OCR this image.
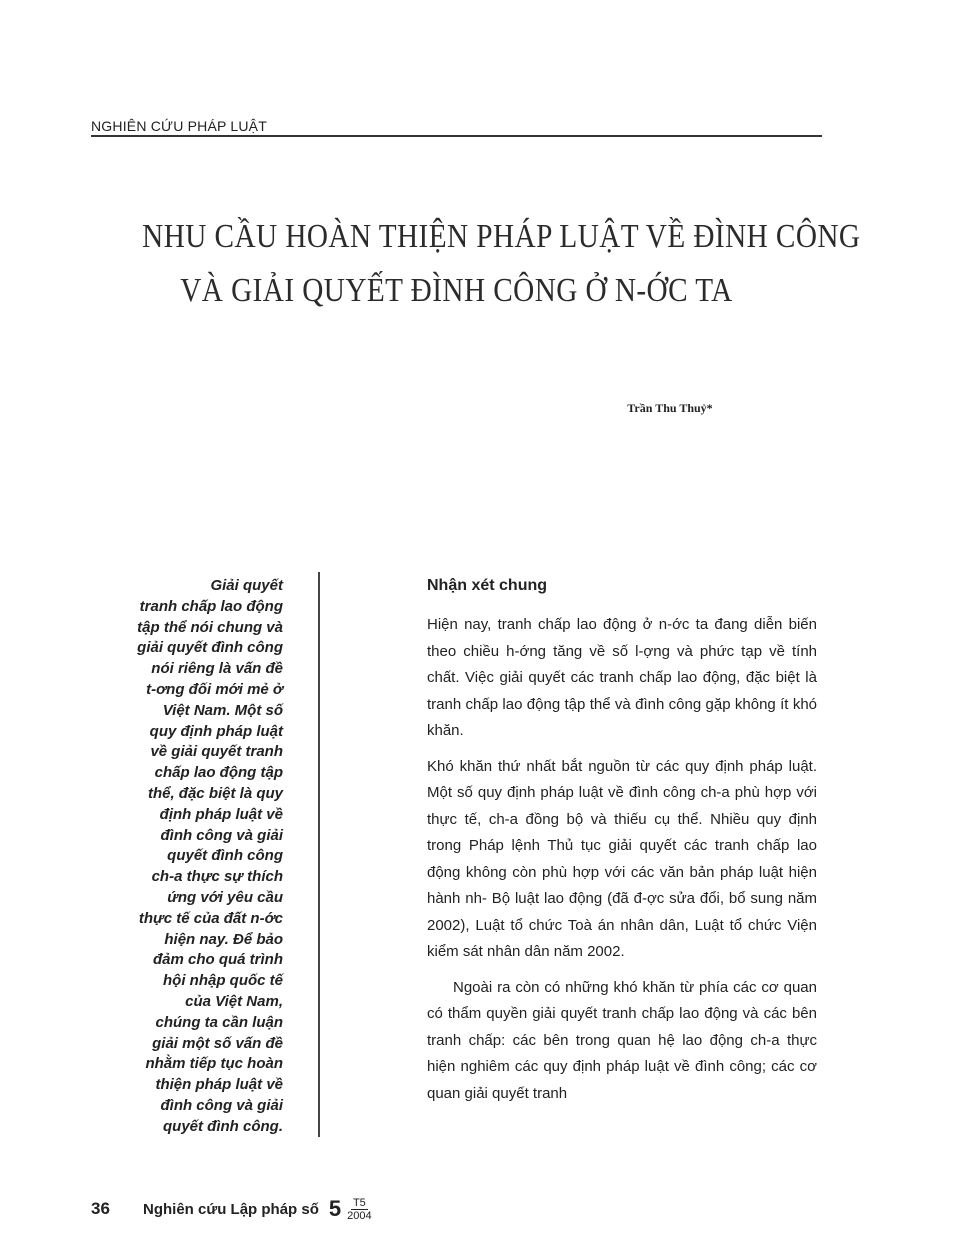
NGHIÊN CỨU PHÁP LUẬT
NHU CẦU HOÀN THIỆN PHÁP LUẬT VỀ ĐÌNH CÔNG
VÀ GIẢI QUYẾT ĐÌNH CÔNG Ở N-ỚC TA
Trần Thu Thuỷ*
Giải quyết
tranh chấp lao động
tập thể nói chung và
giải quyết đình công
nói riêng là vấn đề
t-ơng đối mới mẻ ở
Việt Nam. Một số
quy định pháp luật
về giải quyết tranh
chấp lao động tập
thể, đặc biệt là quy
định pháp luật về
đình công và giải
quyết đình công
ch-a thực sự thích
ứng với yêu cầu
thực tế của đất n-ớc
hiện nay. Để bảo
đảm cho quá trình
hội nhập quốc tế
của Việt Nam,
chúng ta cần luận
giải một số vấn đề
nhằm tiếp tục hoàn
thiện pháp luật về
đình công và giải
quyết đình công.
Nhận xét chung

Hiện nay, tranh chấp lao động ở n-ớc ta đang diễn biến theo chiều h-ớng tăng về số l-ợng và phức tạp về tính chất. Việc giải quyết các tranh chấp lao động, đặc biệt là tranh chấp lao động tập thể và đình công gặp không ít khó khăn.

Khó khăn thứ nhất bắt nguồn từ các quy định pháp luật. Một số quy định pháp luật về đình công ch-a phù hợp với thực tế, ch-a đồng bộ và thiếu cụ thể. Nhiều quy định trong Pháp lệnh Thủ tục giải quyết các tranh chấp lao động không còn phù hợp với các văn bản pháp luật hiện hành nh- Bộ luật lao động (đã đ-ợc sửa đổi, bổ sung năm 2002), Luật tổ chức Toà án nhân dân, Luật tổ chức Viện kiểm sát nhân dân năm 2002.

Ngoài ra còn có những khó khăn từ phía các cơ quan có thẩm quyền giải quyết tranh chấp lao động và các bên tranh chấp: các bên trong quan hệ lao động ch-a thực hiện nghiêm các quy định pháp luật về đình công; các cơ quan giải quyết tranh

36	Nghiên cứu Lập pháp số $5 \frac{T5}{2004}$
